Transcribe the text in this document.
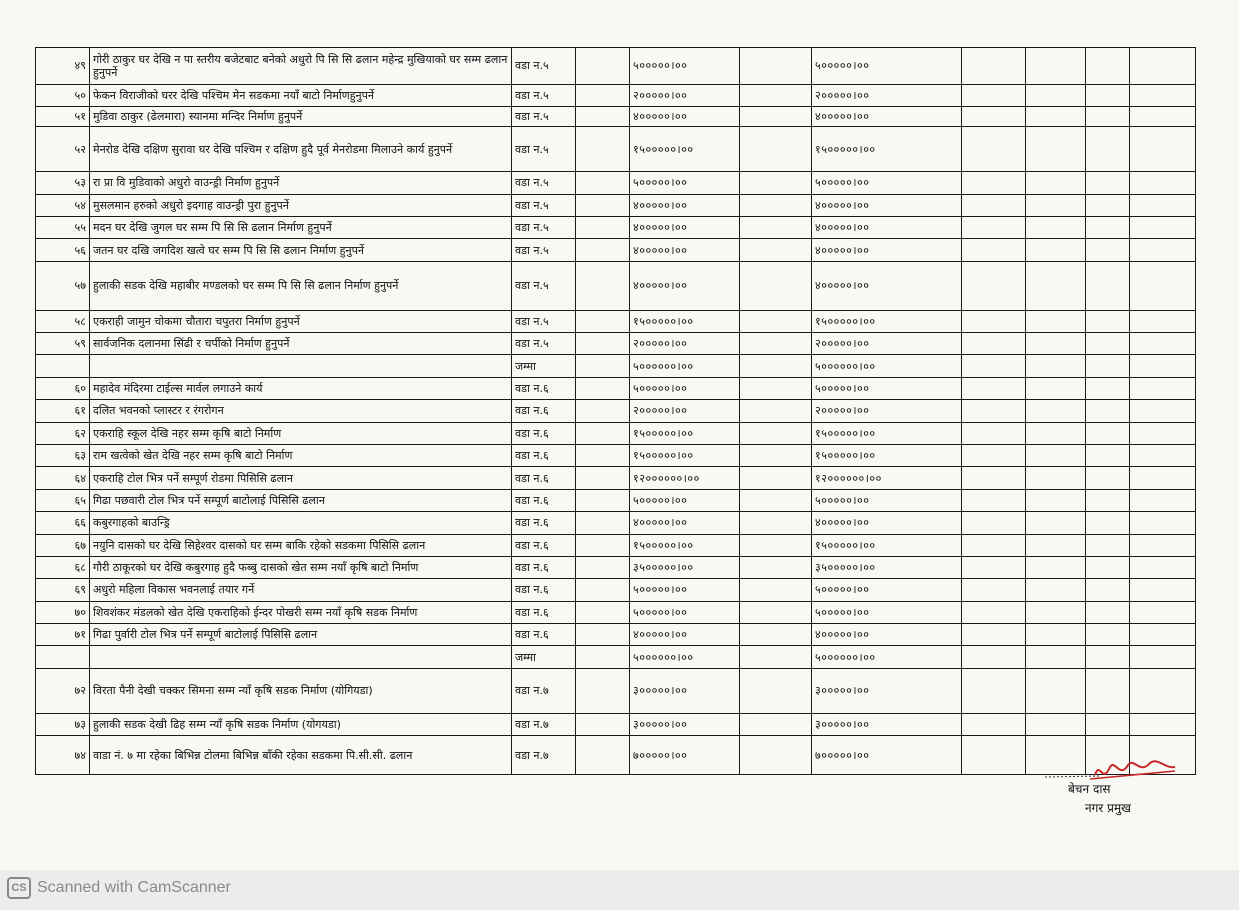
४९	गोरी ठाकुर घर देखि न पा स्तरीय बजेटबाट बनेको अधुरो पि सि सि ढलान महेन्द्र मुखियाको घर सम्म ढलान हुनुपर्ने	वडा न.५		५०००००।००		५०००००।००				
५०	फेकन विराजीको घरर देखि पश्चिम मेन सडकमा नयाँ बाटो निर्माणहुनुपर्ने	वडा न.५		२०००००।००		२०००००।००				
५१	मुडिवा ठाकुर (ढेलमारा) स्यानमा मन्दिर निर्माण हुनुपर्ने	वडा न.५		४०००००।००		४०००००।००				
५२	मेनरोड देखि दक्षिण सुरावा घर देखि पश्चिम र दक्षिण हुदै पूर्व मेनरोडमा मिलाउने कार्य हुनुपर्ने	वडा न.५		१५०००००।००		१५०००००।००				
५३	रा प्रा वि मुडिवाको अधुरो वाउन्ड्री निर्माण हुनुपर्ने	वडा न.५		५०००००।००		५०००००।००				
५४	मुसलमान हरुको अधुरो इदगाह वाउन्ड्री पुरा हुनुपर्ने	वडा न.५		४०००००।००		४०००००।००				
५५	मदन घर देखि जुगल घर सम्म पि सि सि ढलान निर्माण हुनुपर्ने	वडा न.५		४०००००।००		४०००००।००				
५६	जतन घर दखि जगदिश खत्वे घर सम्म पि सि सि ढलान निर्माण हुनुपर्ने	वडा न.५		४०००००।००		४०००००।००				
५७	हुलाकी सडक देखि महाबीर मण्डलको घर सम्म पि सि सि ढलान निर्माण हुनुपर्ने	वडा न.५		४०००००।००		४०००००।००				
५८	एकराही जामुन चोकमा चौतारा चपुतरा निर्माण हुनुपर्ने	वडा न.५		१५०००००।००		१५०००००।००				
५९	सार्वजनिक दलानमा सिंढी र चर्पीको निर्माण हुनुपर्ने	वडा न.५		२०००००।००		२०००००।००				
		जम्मा		५००००००।००		५००००००।००				
६०	महादेव मंदिरमा टाईल्स मार्वल लगाउने कार्य	वडा न.६		५०००००।००		५०००००।००				
६१	दलित भवनको प्लास्टर र रंगरोगन	वडा न.६		२०००००।००		२०००००।००				
६२	एकराहि स्कूल देखि नहर सम्म कृषि बाटो निर्माण	वडा न.६		१५०००००।००		१५०००००।००				
६३	राम खत्वेको खेत देखि नहर सम्म कृषि बाटो निर्माण	वडा न.६		१५०००००।००		१५०००००।००				
६४	एकराहि टोल भित्र पर्ने सम्पूर्ण रोडमा पिसिसि ढलान	वडा न.६		१२००००००।००		१२००००००।००				
६५	गिढा पछवारी टोल भित्र पर्ने सम्पूर्ण बाटोलाई पिसिसि ढलान	वडा न.६		५०००००।००		५०००००।००				
६६	कबुरगाहको बाउन्ड्रि	वडा न.६		४०००००।००		४०००००।००				
६७	नयुनि दासको घर देखि सिहेश्वर दासको घर सम्म बाकि रहेको सडकमा पिसिसि ढलान	वडा न.६		१५०००००।००		१५०००००।००				
६८	गौरी ठाकूरको घर देखि कबुरगाह हुदै फब्बु दासको खेत सम्म नयाँ कृषि बाटो निर्माण	वडा न.६		३५०००००।००		३५०००००।००				
६९	अधुरो महिला विकास भवनलाई तयार गर्ने	वडा न.६		५०००००।००		५०००००।००				
७०	शिवशंकर मंडलको खेत देखि एकराहिको ईन्दर पोखरी सम्म नयाँ कृषि सडक निर्माण	वडा न.६		५०००००।००		५०००००।००				
७१	गिढा पुर्वारी टोल भित्र पर्ने सम्पूर्ण बाटोलाई पिसिसि ढलान	वडा न.६		४०००००।००		४०००००।००				
		जम्मा		५००००००।००		५००००००।००				
७२	विरता पैनी देखी चक्कर सिमना सम्म न्याँ कृषि सडक निर्माण (योगियडा)	वडा न.७		३०००००।००		३०००००।००				
७३	हुलाकी सडक देखी ढिह सम्म न्याँ कृषि सडक निर्माण (योगयडा)	वडा न.७		३०००००।००		३०००००।००				
७४	वाडा नं. ७ मा रहेका बिभिन्न टोलमा बिभिन्न बाँकी रहेका सडकमा पि.सी.सी. ढलान	वडा न.७		७०००००।००		७०००००।००				
बेचन दास
नगर प्रमुख
CS Scanned with CamScanner
